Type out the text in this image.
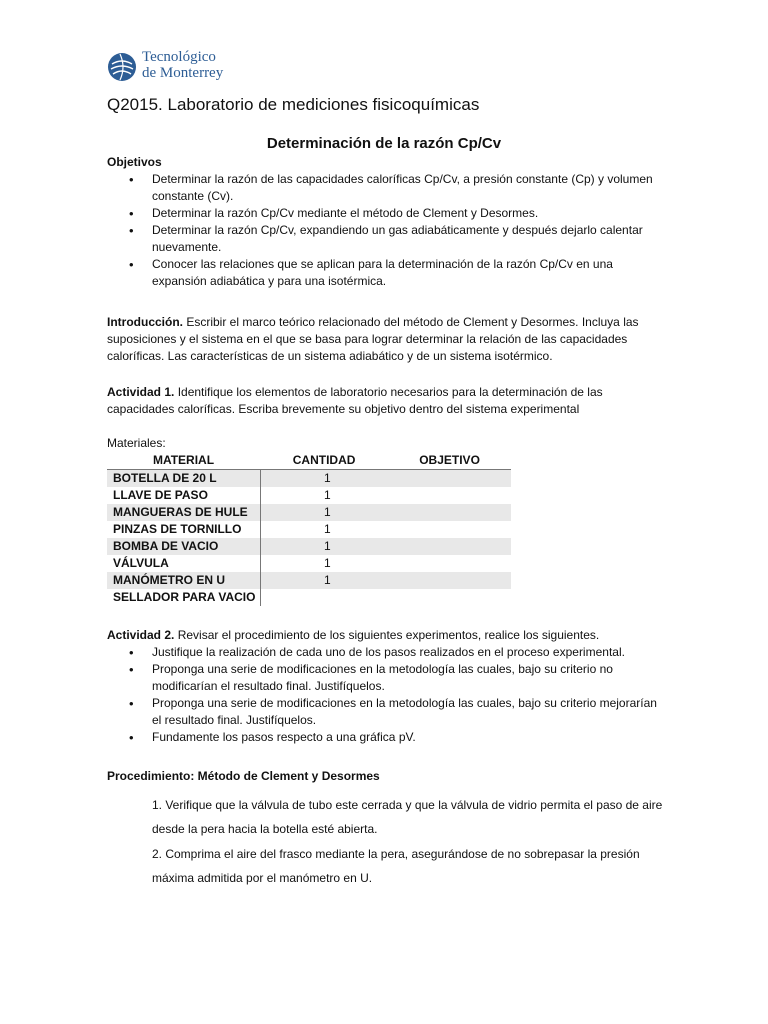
Tecnológico
de Monterrey
Q2015. Laboratorio de mediciones fisicoquímicas
Determinación de la razón Cp/Cv
Objetivos
• Determinar la razón de las capacidades caloríficas Cp/Cv, a presión constante (Cp) y volumen constante (Cv).
• Determinar la razón Cp/Cv mediante el método de Clement y Desormes.
• Determinar la razón Cp/Cv, expandiendo un gas adiabáticamente y después dejarlo calentar nuevamente.
• Conocer las relaciones que se aplican para la determinación de la razón Cp/Cv en una expansión adiabática y para una isotérmica.
Introducción. Escribir el marco teórico relacionado del método de Clement y Desormes. Incluya las suposiciones y el sistema en el que se basa para lograr determinar la relación de las capacidades caloríficas. Las características de un sistema adiabático y de un sistema isotérmico.
Actividad 1. Identifique los elementos de laboratorio necesarios para la determinación de las capacidades caloríficas. Escriba brevemente su objetivo dentro del sistema experimental
Materiales:
MATERIAL	CANTIDAD	OBJETIVO
BOTELLA DE 20 L	1	
LLAVE DE PASO	1	
MANGUERAS DE HULE	1	
PINZAS DE TORNILLO	1	
BOMBA DE VACIO	1	
VÁLVULA	1	
MANÓMETRO EN U	1	
SELLADOR PARA VACIO		
Actividad 2. Revisar el procedimiento de los siguientes experimentos, realice los siguientes.
• Justifique la realización de cada uno de los pasos realizados en el proceso experimental.
• Proponga una serie de modificaciones en la metodología las cuales, bajo su criterio no modificarían el resultado final. Justifíquelos.
• Proponga una serie de modificaciones en la metodología las cuales, bajo su criterio mejorarían el resultado final. Justifíquelos.
• Fundamente los pasos respecto a una gráfica pV.
Procedimiento: Método de Clement y Desormes
1. Verifique que la válvula de tubo este cerrada y que la válvula de vidrio permita el paso de aire desde la pera hacia la botella esté abierta.
2. Comprima el aire del frasco mediante la pera, asegurándose de no sobrepasar la presión máxima admitida por el manómetro en U.
